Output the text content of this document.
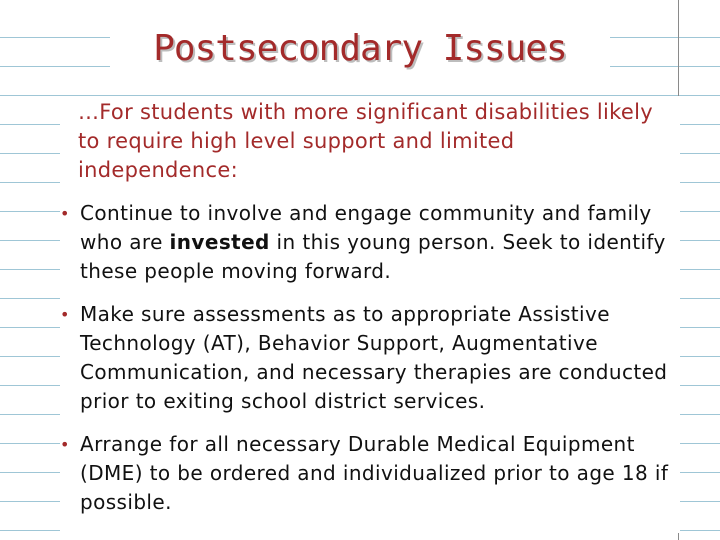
Postsecondary Issues
…For students with more significant disabilities likely to require high level support and limited independence:
• Continue to involve and engage community and family who are invested in this young person. Seek to identify these people moving forward.
• Make sure assessments as to appropriate Assistive Technology (AT), Behavior Support, Augmentative Communication, and necessary therapies are conducted prior to exiting school district services.
• Arrange for all necessary Durable Medical Equipment (DME) to be ordered and individualized prior to age 18 if possible.
